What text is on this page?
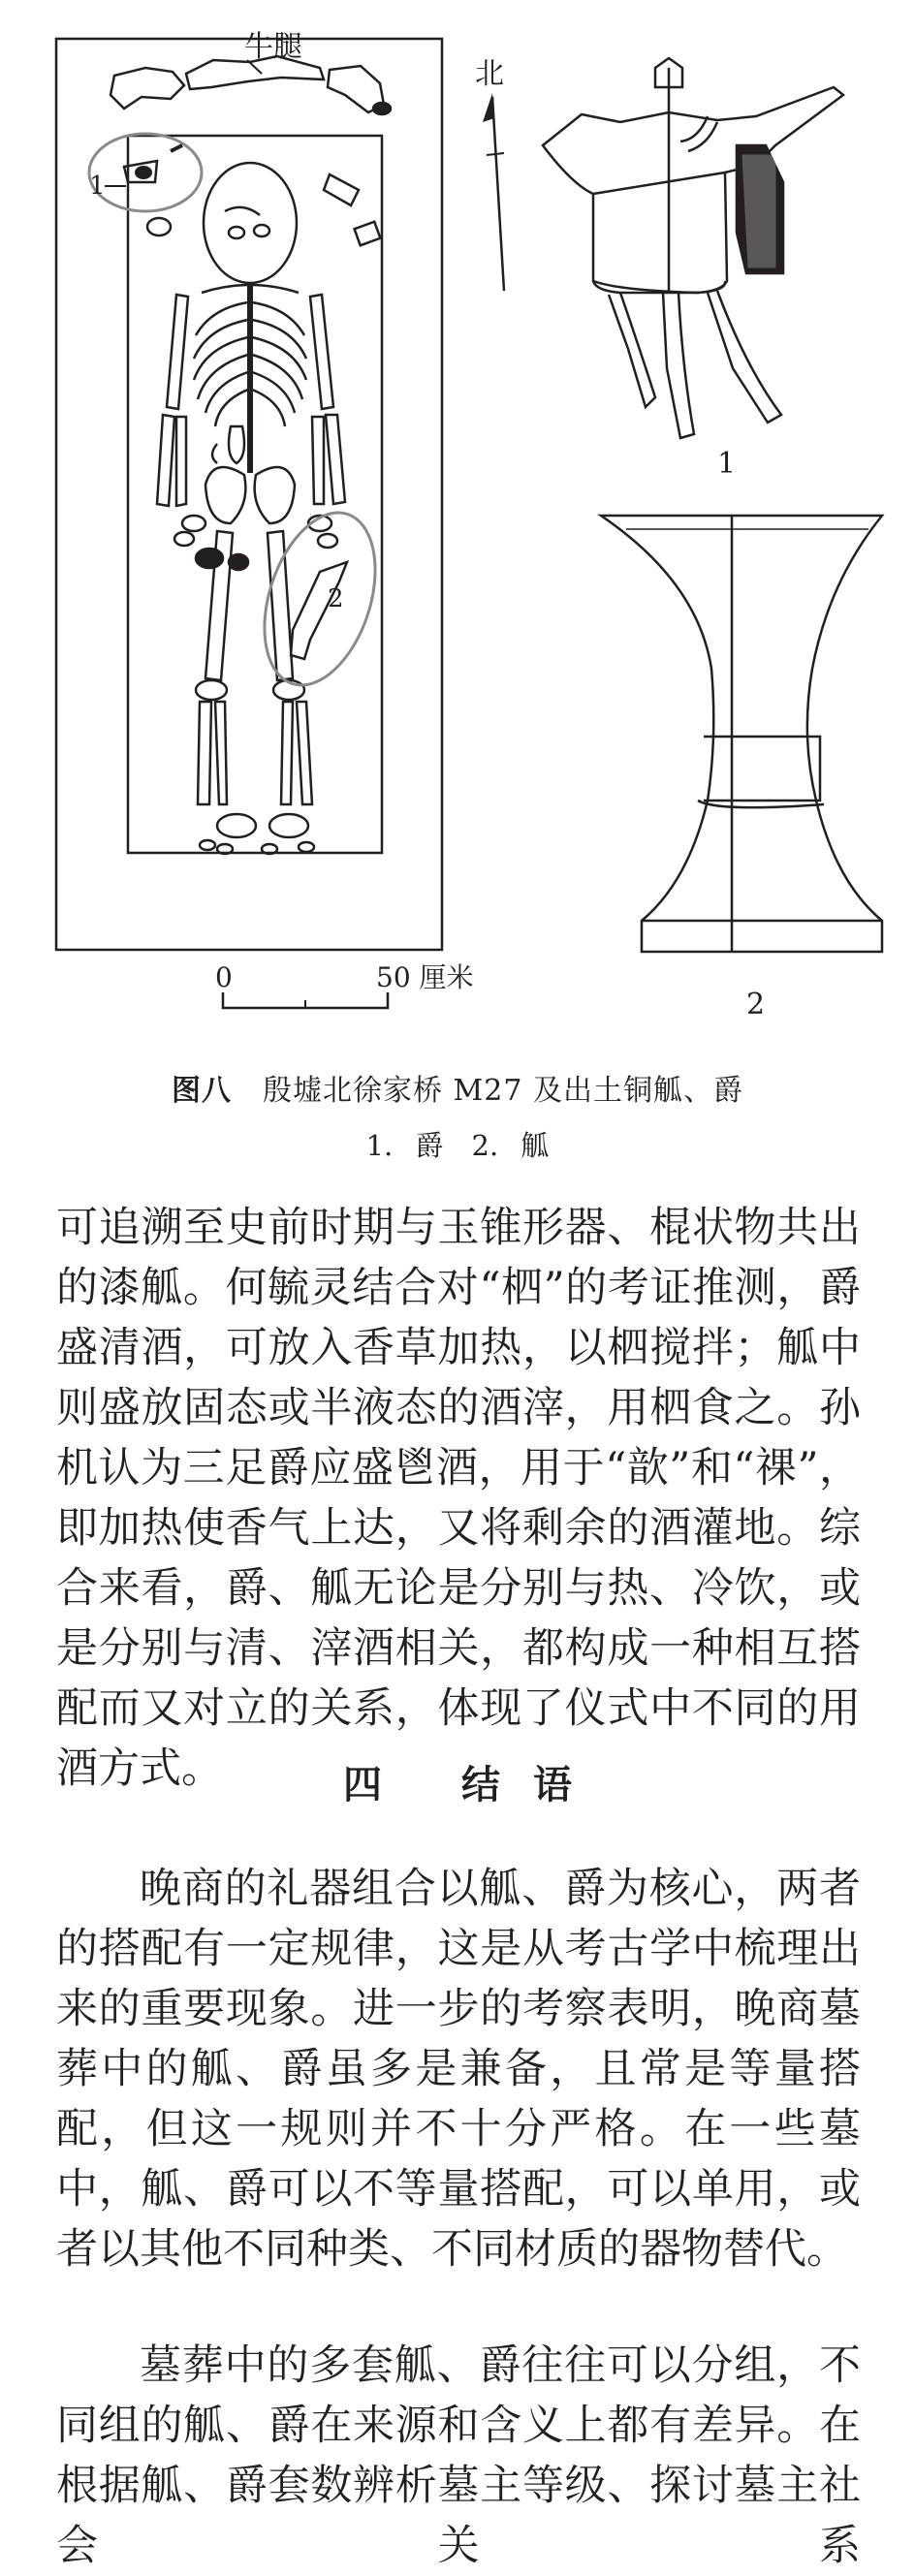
牛腿
1
2
北
0	50 厘米
1
2
图八 殷墟北徐家桥 M27 及出土铜觚、爵
1. 爵　2. 觚

可追溯至史前时期与玉锥形器、棍状物共出的漆觚。何毓灵结合对“柶”的考证推测，爵盛清酒，可放入香草加热，以柶搅拌；觚中则盛放固态或半液态的酒滓，用柶食之。孙机认为三足爵应盛鬯酒，用于“歆”和“祼”，即加热使香气上达，又将剩余的酒灌地。综合来看，爵、觚无论是分别与热、冷饮，或是分别与清、滓酒相关，都构成一种相互搭配而又对立的关系，体现了仪式中不同的用酒方式。	四 结语

晚商的礼器组合以觚、爵为核心，两者的搭配有一定规律，这是从考古学中梳理出来的重要现象。进一步的考察表明，晚商墓葬中的觚、爵虽多是兼备，且常是等量搭配，但这一规则并不十分严格。在一些墓中，觚、爵可以不等量搭配，可以单用，或者以其他不同种类、不同材质的器物替代。

墓葬中的多套觚、爵往往可以分组，不同组的觚、爵在来源和含义上都有差异。在根据觚、爵套数辨析墓主等级、探讨墓主社会关系
